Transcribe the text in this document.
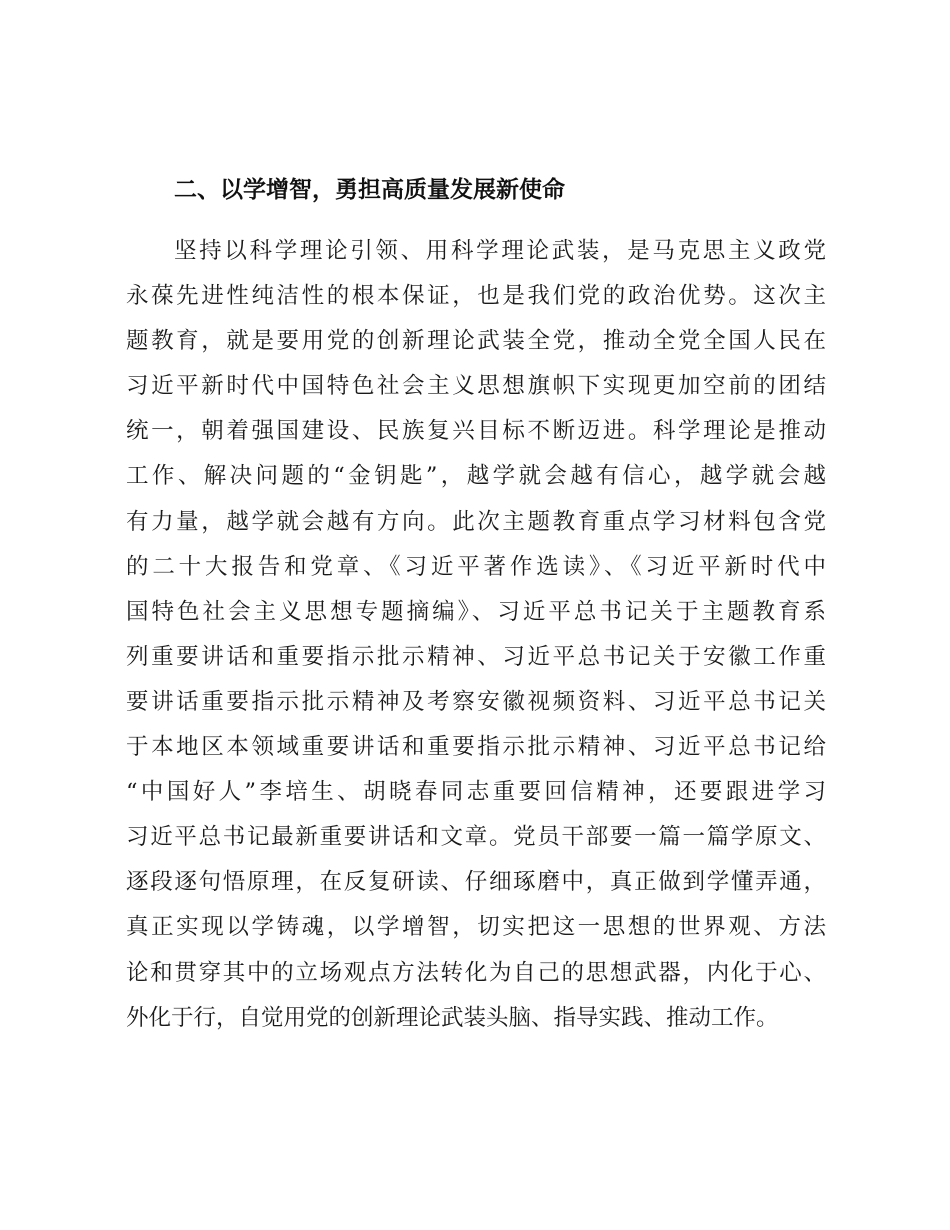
二、以学增智，勇担高质量发展新使命
坚持以科学理论引领、用科学理论武装，是马克思主义政党
永葆先进性纯洁性的根本保证，也是我们党的政治优势。这次主
题教育，就是要用党的创新理论武装全党，推动全党全国人民在
习近平新时代中国特色社会主义思想旗帜下实现更加空前的团结
统一，朝着强国建设、民族复兴目标不断迈进。科学理论是推动
工作、解决问题的“金钥匙”，越学就会越有信心，越学就会越
有力量，越学就会越有方向。此次主题教育重点学习材料包含党
的二十大报告和党章、《习近平著作选读》、《习近平新时代中
国特色社会主义思想专题摘编》、习近平总书记关于主题教育系
列重要讲话和重要指示批示精神、习近平总书记关于安徽工作重
要讲话重要指示批示精神及考察安徽视频资料、习近平总书记关
于本地区本领域重要讲话和重要指示批示精神、习近平总书记给
“中国好人”李培生、胡晓春同志重要回信精神，还要跟进学习
习近平总书记最新重要讲话和文章。党员干部要一篇一篇学原文、
逐段逐句悟原理，在反复研读、仔细琢磨中，真正做到学懂弄通，
真正实现以学铸魂，以学增智，切实把这一思想的世界观、方法
论和贯穿其中的立场观点方法转化为自己的思想武器，内化于心、
外化于行，自觉用党的创新理论武装头脑、指导实践、推动工作。
